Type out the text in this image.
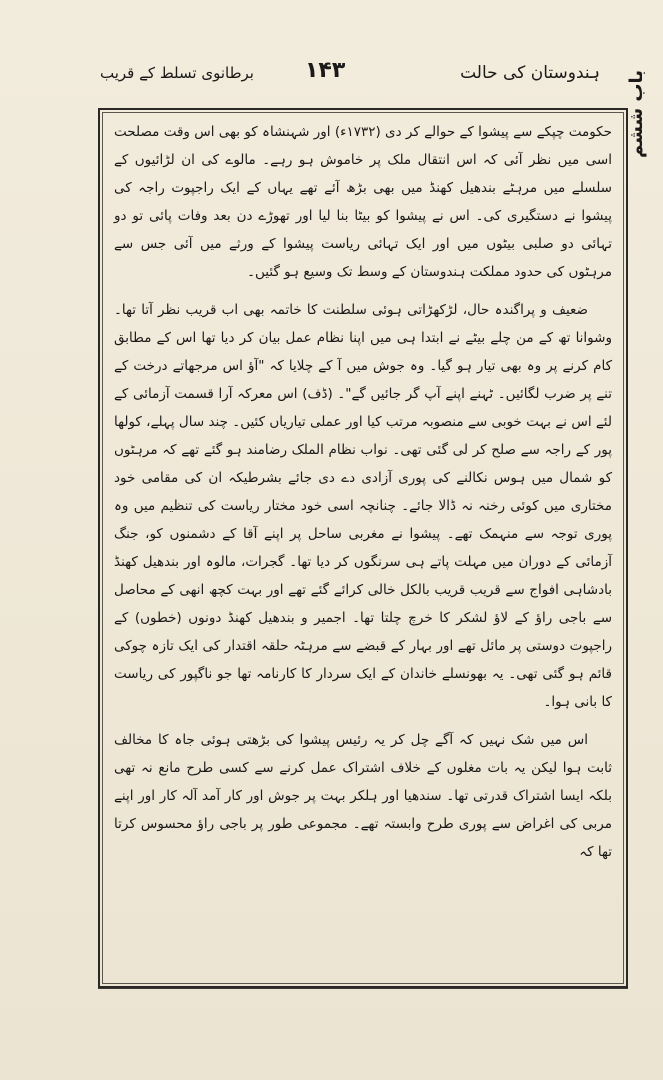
ہندوستان کی حالت
۱۴۳
برطانوی تسلط کے قریب	باب ششم

حکومت چپکے سے پیشوا کے حوالے کر دی (۱۷۳۲ء) اور شہنشاہ کو بھی اس وقت مصلحت اسی میں نظر آئی کہ اس انتقال ملک پر خاموش ہو رہے۔ مالوے کی ان لڑائیوں کے سلسلے میں مرہٹے بندھیل کھنڈ میں بھی بڑھ آئے تھے یہاں کے ایک راجپوت راجہ کی پیشوا نے دستگیری کی۔ اس نے پیشوا کو بیٹا بنا لیا اور تھوڑے دن بعد وفات پائی تو دو تہائی دو صلبی بیٹوں میں اور ایک تہائی ریاست پیشوا کے ورثے میں آئی جس سے مرہٹوں کی حدود مملکت ہندوستان کے وسط تک وسیع ہو گئیں۔

ضعیف و پراگندہ حال، لڑکھڑاتی ہوئی سلطنت کا خاتمہ بھی اب قریب نظر آتا تھا۔ وشوانا تھ کے من چلے بیٹے نے ابتدا ہی میں اپنا نظام عمل بیان کر دیا تھا اس کے مطابق کام کرنے پر وہ بھی تیار ہو گیا۔ وہ جوش میں آ کے چلایا کہ "آؤ اس مرجھاتے درخت کے تنے پر ضرب لگائیں۔ ٹہنے اپنے آپ گر جائیں گے"۔ (ڈف) اس معرکہ آرا قسمت آزمائی کے لئے اس نے بہت خوبی سے منصوبہ مرتب کیا اور عملی تیاریاں کئیں۔ چند سال پہلے، کولھا پور کے راجہ سے صلح کر لی گئی تھی۔ نواب نظام الملک رضامند ہو گئے تھے کہ مرہٹوں کو شمال میں ہوس نکالنے کی پوری آزادی دے دی جائے بشرطیکہ ان کی مقامی خود مختاری میں کوئی رخنہ نہ ڈالا جائے۔ چنانچہ اسی خود مختار ریاست کی تنظیم میں وہ پوری توجہ سے منہمک تھے۔ پیشوا نے مغربی ساحل پر اپنے آقا کے دشمنوں کو، جنگ آزمائی کے دوران میں مہلت پاتے ہی سرنگوں کر دیا تھا۔ گجرات، مالوہ اور بندھیل کھنڈ بادشاہی افواج سے قریب قریب بالکل خالی کرائے گئے تھے اور بہت کچھ انھی کے محاصل سے باجی راؤ کے لاؤ لشکر کا خرچ چلتا تھا۔ اجمیر و بندھیل کھنڈ دونوں (خطوں) کے راجپوت دوستی پر مائل تھے اور بہار کے قبضے سے مرہٹہ حلقہ اقتدار کی ایک تازہ چوکی قائم ہو گئی تھی۔ یہ بھونسلے خاندان کے ایک سردار کا کارنامہ تھا جو ناگپور کی ریاست کا بانی ہوا۔

اس میں شک نہیں کہ آگے چل کر یہ رئیس پیشوا کی بڑھتی ہوئی جاہ کا مخالف ثابت ہوا لیکن یہ بات مغلوں کے خلاف اشتراک عمل کرنے سے کسی طرح مانع نہ تھی بلکہ ایسا اشتراک قدرتی تھا۔ سندھیا اور ہلکر بہت پر جوش اور کار آمد آلہ کار اور اپنے مربی کی اغراض سے پوری طرح وابستہ تھے۔ مجموعی طور پر باجی راؤ محسوس کرتا تھا کہ
